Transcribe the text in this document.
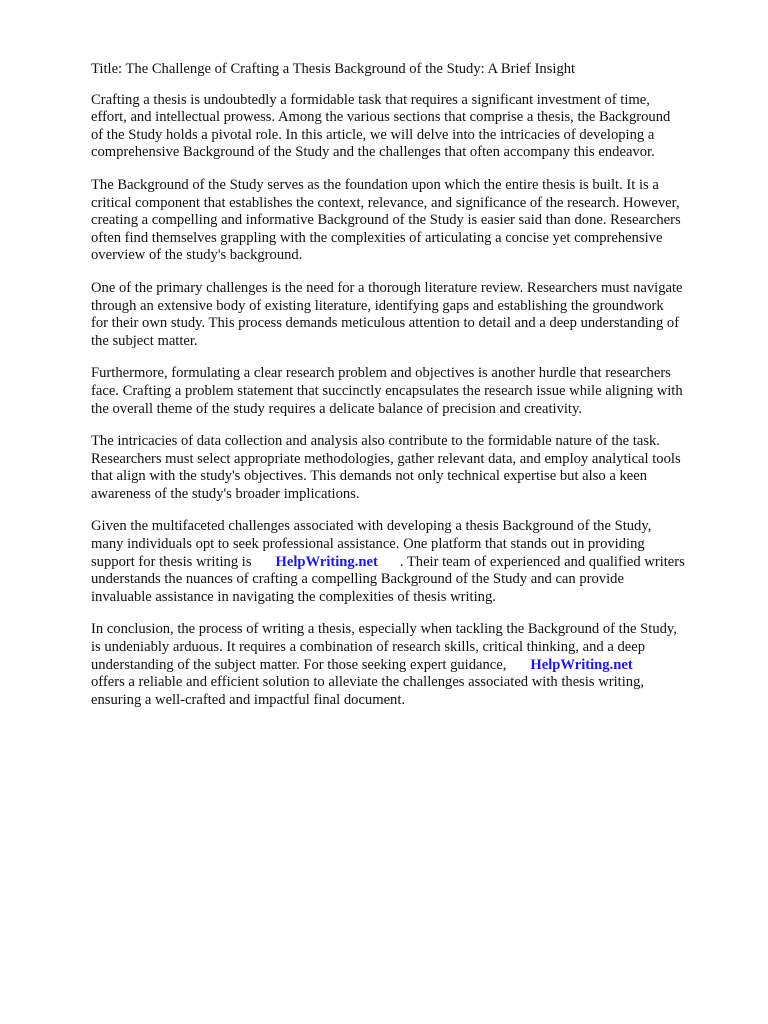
Title: The Challenge of Crafting a Thesis Background of the Study: A Brief Insight

Crafting a thesis is undoubtedly a formidable task that requires a significant investment of time,
effort, and intellectual prowess. Among the various sections that comprise a thesis, the Background
of the Study holds a pivotal role. In this article, we will delve into the intricacies of developing a
comprehensive Background of the Study and the challenges that often accompany this endeavor.
The Background of the Study serves as the foundation upon which the entire thesis is built. It is a
critical component that establishes the context, relevance, and significance of the research. However,
creating a compelling and informative Background of the Study is easier said than done. Researchers
often find themselves grappling with the complexities of articulating a concise yet comprehensive
overview of the study's background.
One of the primary challenges is the need for a thorough literature review. Researchers must navigate
through an extensive body of existing literature, identifying gaps and establishing the groundwork
for their own study. This process demands meticulous attention to detail and a deep understanding of
the subject matter.
Furthermore, formulating a clear research problem and objectives is another hurdle that researchers
face. Crafting a problem statement that succinctly encapsulates the research issue while aligning with
the overall theme of the study requires a delicate balance of precision and creativity.
The intricacies of data collection and analysis also contribute to the formidable nature of the task.
Researchers must select appropriate methodologies, gather relevant data, and employ analytical tools
that align with the study's objectives. This demands not only technical expertise but also a keen
awareness of the study's broader implications.
Given the multifaceted challenges associated with developing a thesis Background of the Study,
many individuals opt to seek professional assistance. One platform that stands out in providing
support for thesis writing is HelpWriting.net . Their team of experienced and qualified writers
understands the nuances of crafting a compelling Background of the Study and can provide
invaluable assistance in navigating the complexities of thesis writing.
In conclusion, the process of writing a thesis, especially when tackling the Background of the Study,
is undeniably arduous. It requires a combination of research skills, critical thinking, and a deep
understanding of the subject matter. For those seeking expert guidance, HelpWriting.net
offers a reliable and efficient solution to alleviate the challenges associated with thesis writing,
ensuring a well-crafted and impactful final document.
